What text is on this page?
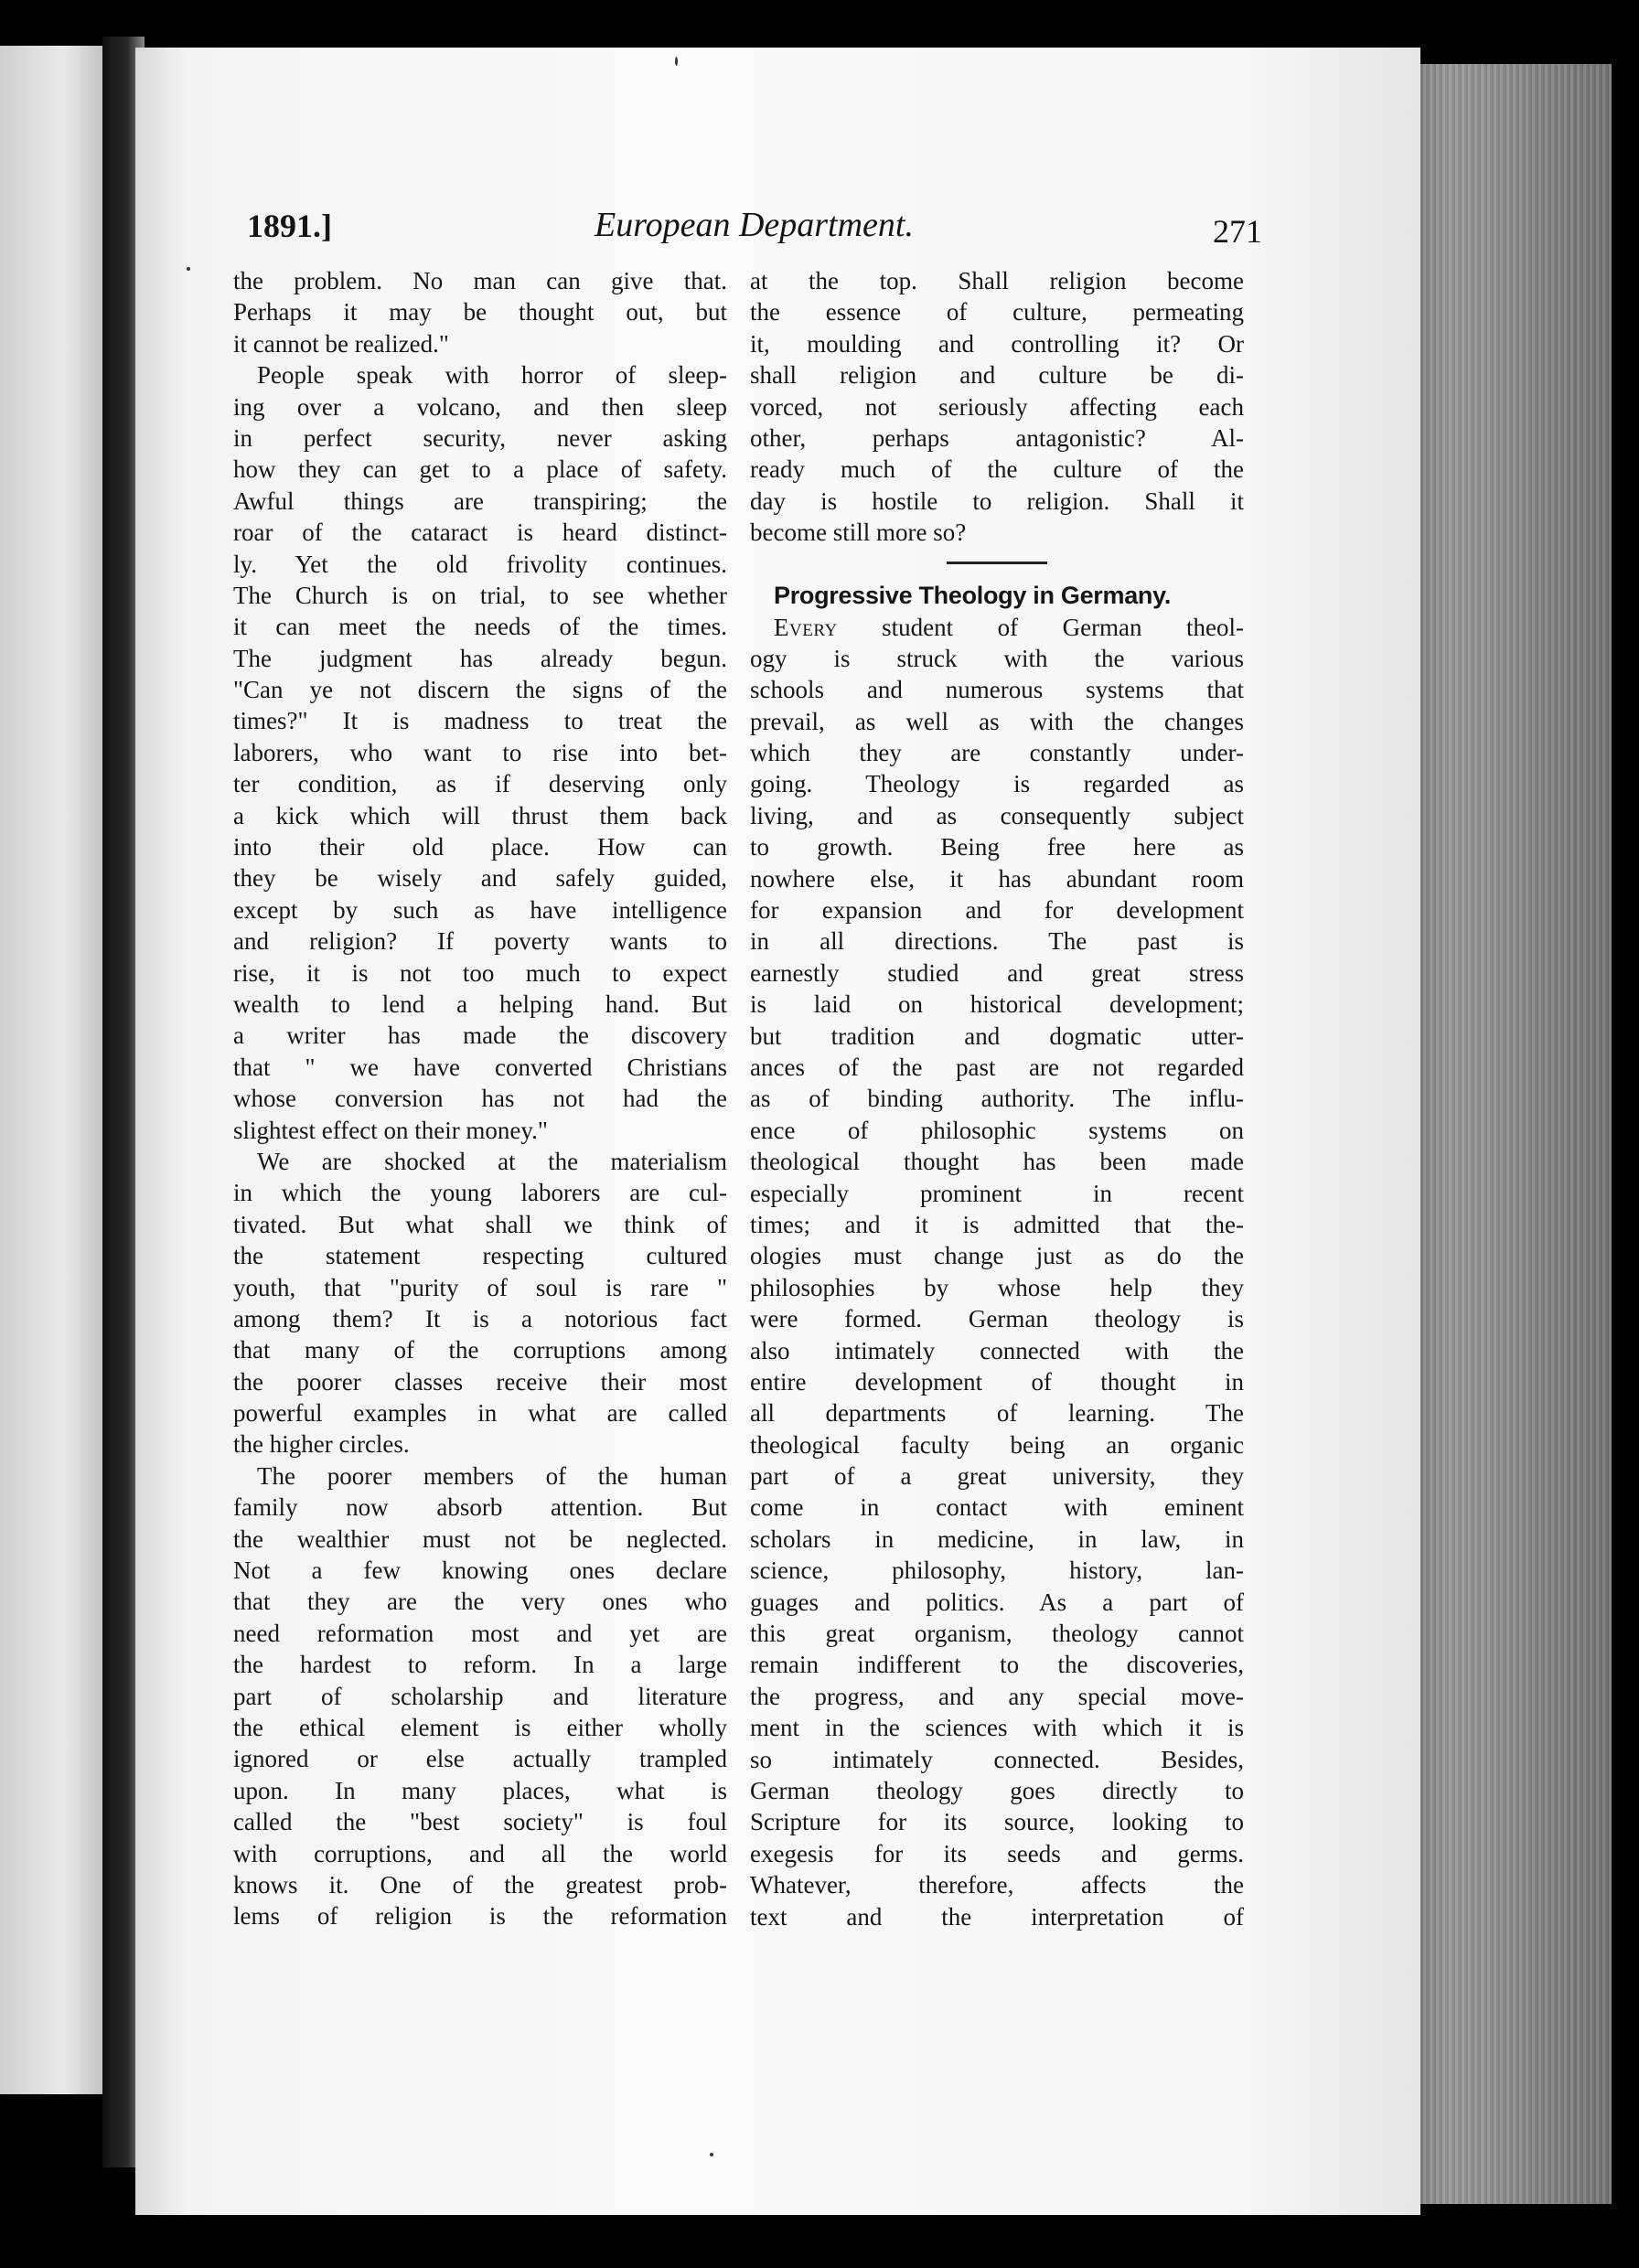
1891.]	European Department.	271
the problem. No man can give that.
Perhaps it may be thought out, but
it cannot be realized."
People speak with horror of sleep-
ing over a volcano, and then sleep
in perfect security, never asking
how they can get to a place of safety.
Awful things are transpiring; the
roar of the cataract is heard distinct-
ly. Yet the old frivolity continues.
The Church is on trial, to see whether
it can meet the needs of the times.
The judgment has already begun.
"Can ye not discern the signs of the
times?" It is madness to treat the
laborers, who want to rise into bet-
ter condition, as if deserving only
a kick which will thrust them back
into their old place. How can
they be wisely and safely guided,
except by such as have intelligence
and religion? If poverty wants to
rise, it is not too much to expect
wealth to lend a helping hand. But
a writer has made the discovery
that " we have converted Christians
whose conversion has not had the
slightest effect on their money."
We are shocked at the materialism
in which the young laborers are cul-
tivated. But what shall we think of
the statement respecting cultured
youth, that "purity of soul is rare "
among them? It is a notorious fact
that many of the corruptions among
the poorer classes receive their most
powerful examples in what are called
the higher circles.
The poorer members of the human
family now absorb attention. But
the wealthier must not be neglected.
Not a few knowing ones declare
that they are the very ones who
need reformation most and yet are
the hardest to reform. In a large
part of scholarship and literature
the ethical element is either wholly
ignored or else actually trampled
upon. In many places, what is
called the "best society" is foul
with corruptions, and all the world
knows it. One of the greatest prob-
lems of religion is the reformation
at the top. Shall religion become
the essence of culture, permeating
it, moulding and controlling it? Or
shall religion and culture be di-
vorced, not seriously affecting each
other, perhaps antagonistic? Al-
ready much of the culture of the
day is hostile to religion. Shall it
become still more so?
Progressive Theology in Germany.
Every student of German theol-
ogy is struck with the various
schools and numerous systems that
prevail, as well as with the changes
which they are constantly under-
going. Theology is regarded as
living, and as consequently subject
to growth. Being free here as
nowhere else, it has abundant room
for expansion and for development
in all directions. The past is
earnestly studied and great stress
is laid on historical development;
but tradition and dogmatic utter-
ances of the past are not regarded
as of binding authority. The influ-
ence of philosophic systems on
theological thought has been made
especially prominent in recent
times; and it is admitted that the-
ologies must change just as do the
philosophies by whose help they
were formed. German theology is
also intimately connected with the
entire development of thought in
all departments of learning. The
theological faculty being an organic
part of a great university, they
come in contact with eminent
scholars in medicine, in law, in
science, philosophy, history, lan-
guages and politics. As a part of
this great organism, theology cannot
remain indifferent to the discoveries,
the progress, and any special move-
ment in the sciences with which it is
so intimately connected. Besides,
German theology goes directly to
Scripture for its source, looking to
exegesis for its seeds and germs.
Whatever, therefore, affects the
text and the interpretation of
